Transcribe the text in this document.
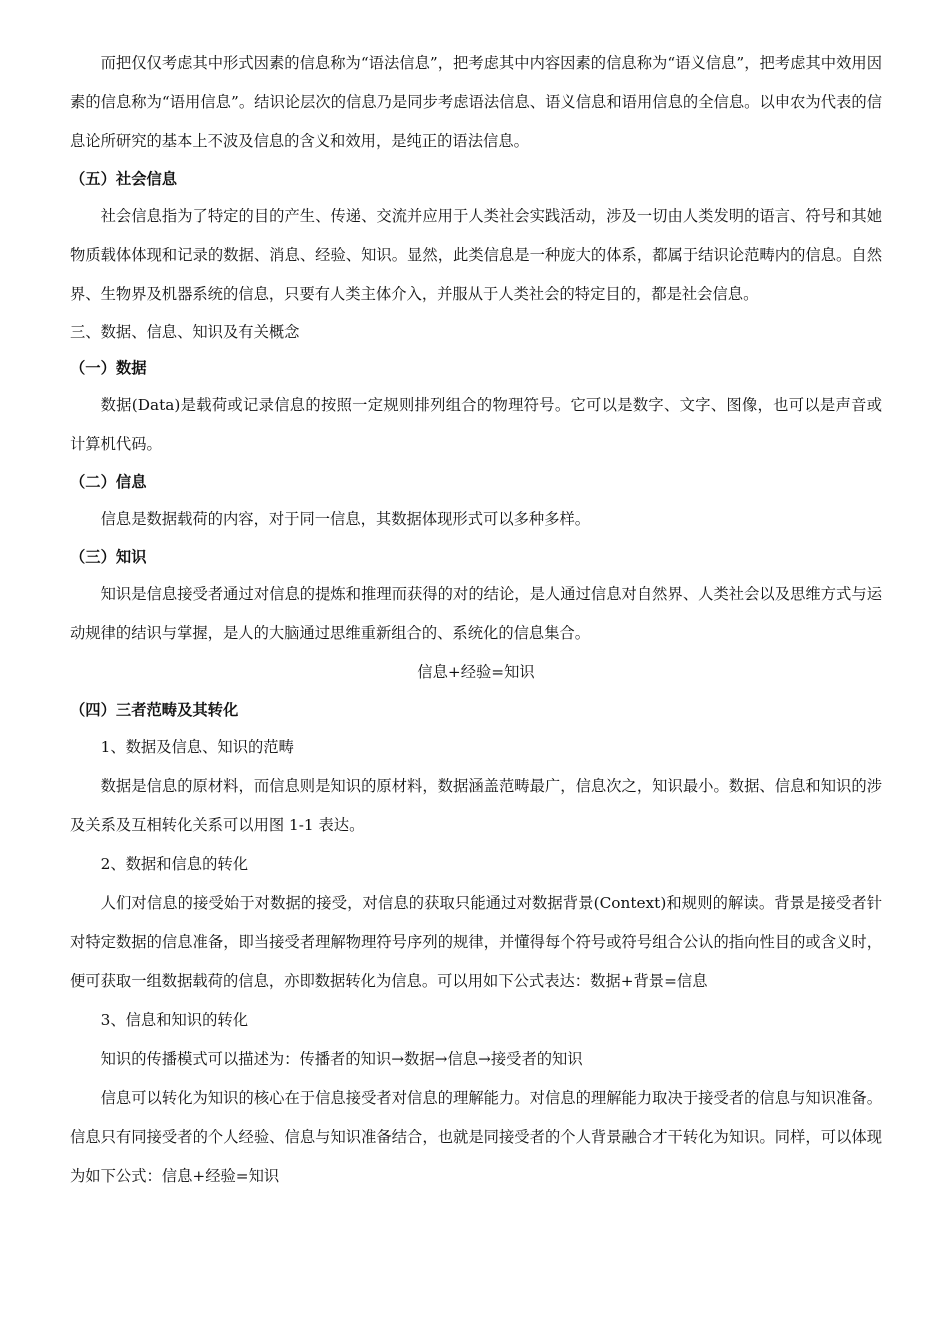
而把仅仅考虑其中形式因素的信息称为“语法信息”，把考虑其中内容因素的信息称为“语义信息”，把考虑其中效用因素的信息称为“语用信息”。结识论层次的信息乃是同步考虑语法信息、语义信息和语用信息的全信息。以申农为代表的信息论所研究的基本上不波及信息的含义和效用，是纯正的语法信息。

（五）社会信息

社会信息指为了特定的目的产生、传递、交流并应用于人类社会实践活动，涉及一切由人类发明的语言、符号和其她物质载体体现和记录的数据、消息、经验、知识。显然，此类信息是一种庞大的体系，都属于结识论范畴内的信息。自然界、生物界及机器系统的信息，只要有人类主体介入，并服从于人类社会的特定目的，都是社会信息。

三、数据、信息、知识及有关概念

（一）数据

数据(Data)是载荷或记录信息的按照一定规则排列组合的物理符号。它可以是数字、文字、图像，也可以是声音或计算机代码。

（二）信息

信息是数据载荷的内容，对于同一信息，其数据体现形式可以多种多样。

（三）知识

知识是信息接受者通过对信息的提炼和推理而获得的对的结论，是人通过信息对自然界、人类社会以及思维方式与运动规律的结识与掌握，是人的大脑通过思维重新组合的、系统化的信息集合。

信息+经验=知识

（四）三者范畴及其转化

1、数据及信息、知识的范畴

数据是信息的原材料，而信息则是知识的原材料，数据涵盖范畴最广，信息次之，知识最小。数据、信息和知识的涉及关系及互相转化关系可以用图 1-1 表达。

2、数据和信息的转化

人们对信息的接受始于对数据的接受，对信息的获取只能通过对数据背景(Context)和规则的解读。背景是接受者针对特定数据的信息准备，即当接受者理解物理符号序列的规律，并懂得每个符号或符号组合公认的指向性目的或含义时，便可获取一组数据载荷的信息，亦即数据转化为信息。可以用如下公式表达：数据+背景=信息

3、信息和知识的转化

知识的传播模式可以描述为：传播者的知识→数据→信息→接受者的知识

信息可以转化为知识的核心在于信息接受者对信息的理解能力。对信息的理解能力取决于接受者的信息与知识准备。信息只有同接受者的个人经验、信息与知识准备结合，也就是同接受者的个人背景融合才干转化为知识。同样，可以体现为如下公式：信息+经验=知识
